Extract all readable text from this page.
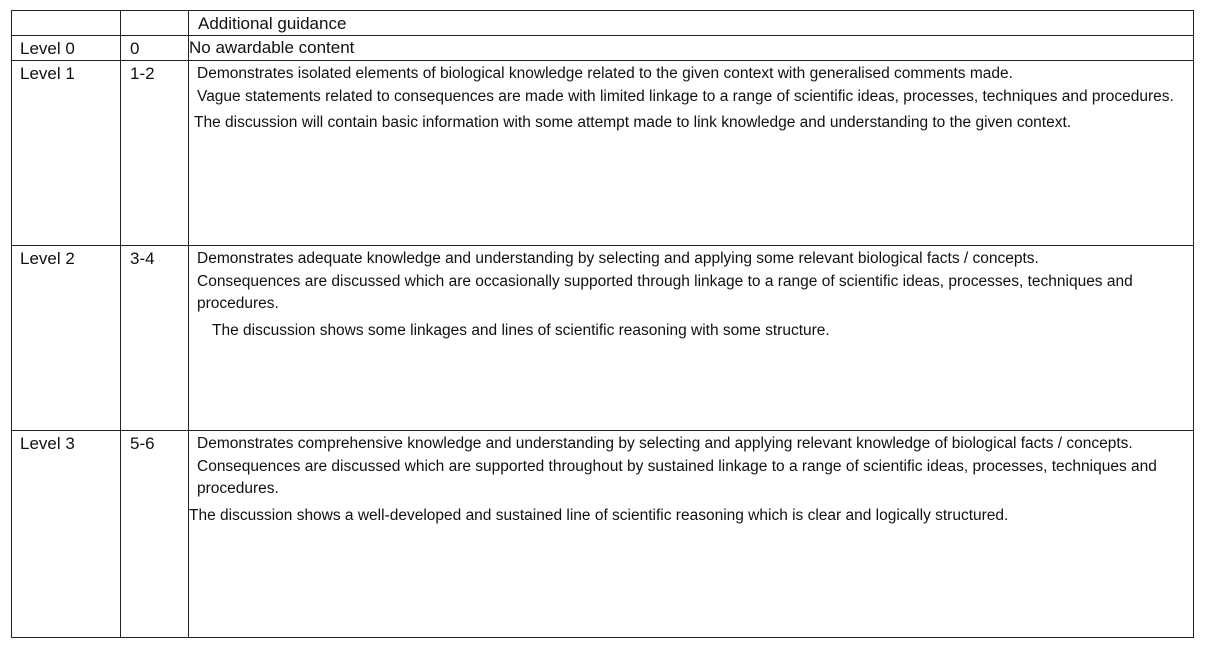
		Additional guidance

Level 0	0	No awardable content

Level 1	1-2	Demonstrates isolated elements of biological knowledge related to the given context with generalised comments made.

Vague statements related to consequences are made with limited linkage to a range of scientific ideas, processes, techniques and procedures.

The discussion will contain basic information with some attempt made to link knowledge and understanding to the given context.

Level 2	3-4	Demonstrates adequate knowledge and understanding by selecting and applying some relevant biological facts / concepts.

Consequences are discussed which are occasionally supported through linkage to a range of scientific ideas, processes, techniques and procedures.

The discussion shows some linkages and lines of scientific reasoning with some structure.

Level 3	5-6	Demonstrates comprehensive knowledge and understanding by selecting and applying relevant knowledge of biological facts / concepts.

Consequences are discussed which are supported throughout by sustained linkage to a range of scientific ideas, processes, techniques and procedures.

The discussion shows a well-developed and sustained line of scientific reasoning which is clear and logically structured.
